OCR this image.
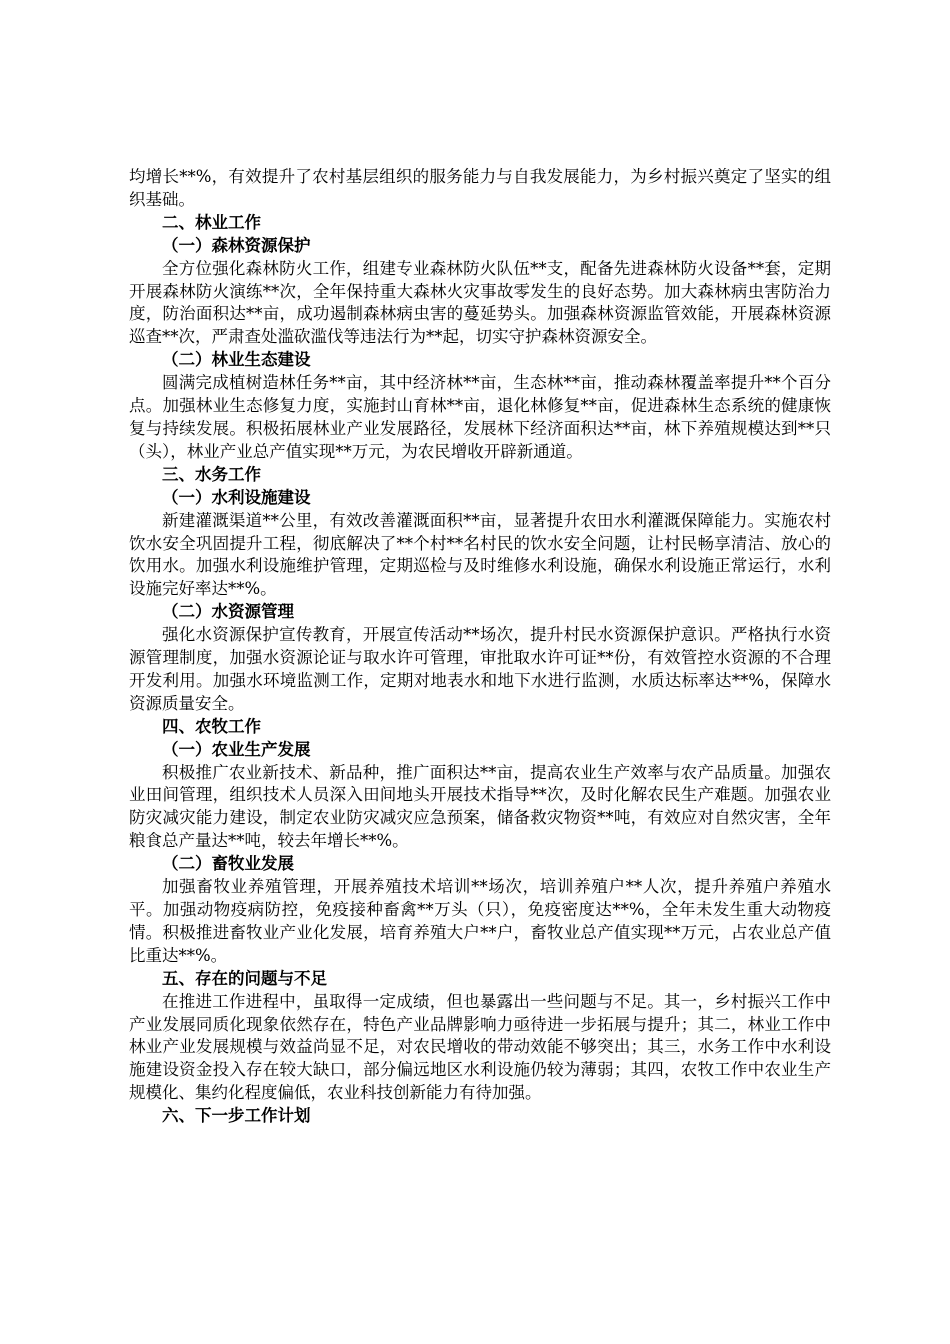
均增长**%，有效提升了农村基层组织的服务能力与自我发展能力，为乡村振兴奠定了坚实的组织基础。

二、林业工作

（一）森林资源保护

全方位强化森林防火工作，组建专业森林防火队伍**支，配备先进森林防火设备**套，定期开展森林防火演练**次，全年保持重大森林火灾事故零发生的良好态势。加大森林病虫害防治力度，防治面积达**亩，成功遏制森林病虫害的蔓延势头。加强森林资源监管效能，开展森林资源巡查**次，严肃查处滥砍滥伐等违法行为**起，切实守护森林资源安全。

（二）林业生态建设

圆满完成植树造林任务**亩，其中经济林**亩，生态林**亩，推动森林覆盖率提升**个百分点。加强林业生态修复力度，实施封山育林**亩，退化林修复**亩，促进森林生态系统的健康恢复与持续发展。积极拓展林业产业发展路径，发展林下经济面积达**亩，林下养殖规模达到**只（头），林业产业总产值实现**万元，为农民增收开辟新通道。

三、水务工作

（一）水利设施建设

新建灌溉渠道**公里，有效改善灌溉面积**亩，显著提升农田水利灌溉保障能力。实施农村饮水安全巩固提升工程，彻底解决了**个村**名村民的饮水安全问题，让村民畅享清洁、放心的饮用水。加强水利设施维护管理，定期巡检与及时维修水利设施，确保水利设施正常运行，水利设施完好率达**%。

（二）水资源管理

强化水资源保护宣传教育，开展宣传活动**场次，提升村民水资源保护意识。严格执行水资源管理制度，加强水资源论证与取水许可管理，审批取水许可证**份，有效管控水资源的不合理开发利用。加强水环境监测工作，定期对地表水和地下水进行监测，水质达标率达**%，保障水资源质量安全。

四、农牧工作

（一）农业生产发展

积极推广农业新技术、新品种，推广面积达**亩，提高农业生产效率与农产品质量。加强农业田间管理，组织技术人员深入田间地头开展技术指导**次，及时化解农民生产难题。加强农业防灾减灾能力建设，制定农业防灾减灾应急预案，储备救灾物资**吨，有效应对自然灾害，全年粮食总产量达**吨，较去年增长**%。

（二）畜牧业发展

加强畜牧业养殖管理，开展养殖技术培训**场次，培训养殖户**人次，提升养殖户养殖水平。加强动物疫病防控，免疫接种畜禽**万头（只），免疫密度达**%，全年未发生重大动物疫情。积极推进畜牧业产业化发展，培育养殖大户**户，畜牧业总产值实现**万元，占农业总产值比重达**%。

五、存在的问题与不足

在推进工作进程中，虽取得一定成绩，但也暴露出一些问题与不足。其一，乡村振兴工作中产业发展同质化现象依然存在，特色产业品牌影响力亟待进一步拓展与提升；其二，林业工作中林业产业发展规模与效益尚显不足，对农民增收的带动效能不够突出；其三，水务工作中水利设施建设资金投入存在较大缺口，部分偏远地区水利设施仍较为薄弱；其四，农牧工作中农业生产规模化、集约化程度偏低，农业科技创新能力有待加强。

六、下一步工作计划
